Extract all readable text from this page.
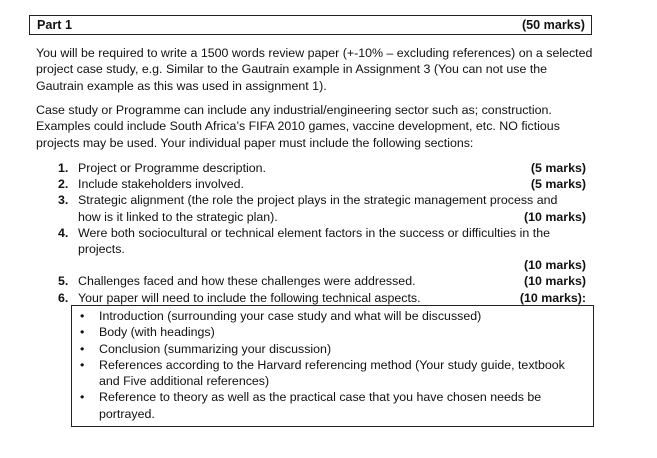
Part 1	(50 marks)

You will be required to write a 1500 words review paper (+-10% – excluding references) on a selected project case study, e.g. Similar to the Gautrain example in Assignment 3 (You can not use the Gautrain example as this was used in assignment 1).

Case study or Programme can include any industrial/engineering sector such as; construction. Examples could include South Africa’s FIFA 2010 games, vaccine development, etc. NO fictious projects may be used. Your individual paper must include the following sections:

1. Project or Programme description.	(5 marks)
2. Include stakeholders involved.	(5 marks)
3. Strategic alignment (the role the project plays in the strategic management process and
how is it linked to the strategic plan).	(10 marks)
4. Were both sociocultural or technical element factors in the success or difficulties in the
projects.
(10 marks)
5. Challenges faced and how these challenges were addressed.	(10 marks)
6. Your paper will need to include the following technical aspects.	(10 marks):
• Introduction (surrounding your case study and what will be discussed)
• Body (with headings)
• Conclusion (summarizing your discussion)
• References according to the Harvard referencing method (Your study guide, textbook and Five additional references)
• Reference to theory as well as the practical case that you have chosen needs be portrayed.
